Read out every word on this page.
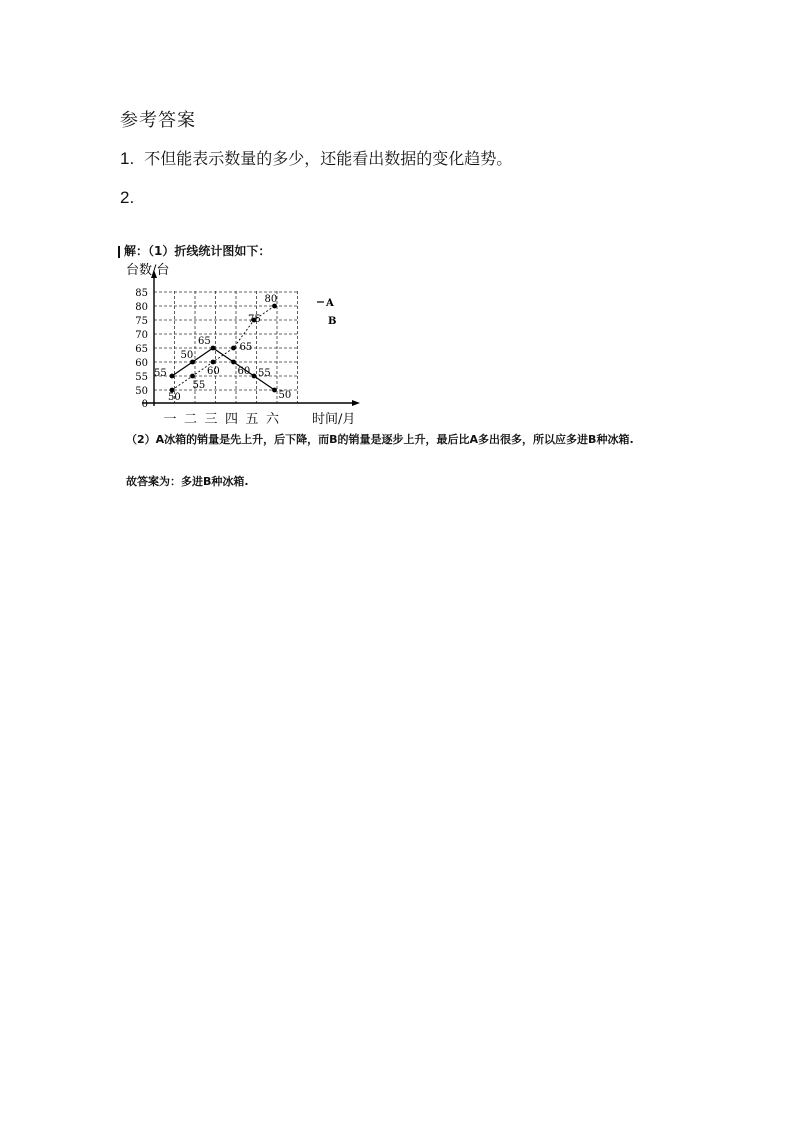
参考答案
1. 不但能表示数量的多少，还能看出数据的变化趋势。
2.
解：（1）折线统计图如下：
台数/台
时间/月
0
50
55
60
65
70
75
80
85
一 二 三 四 五 六
55
50
65
60 55
50
50
55
60
65
75
80	A
B
（2）A冰箱的销量是先上升，后下降，而B的销量是逐步上升，最后比A多出很多，所以应多进B种冰箱.
故答案为：多进B种冰箱.
